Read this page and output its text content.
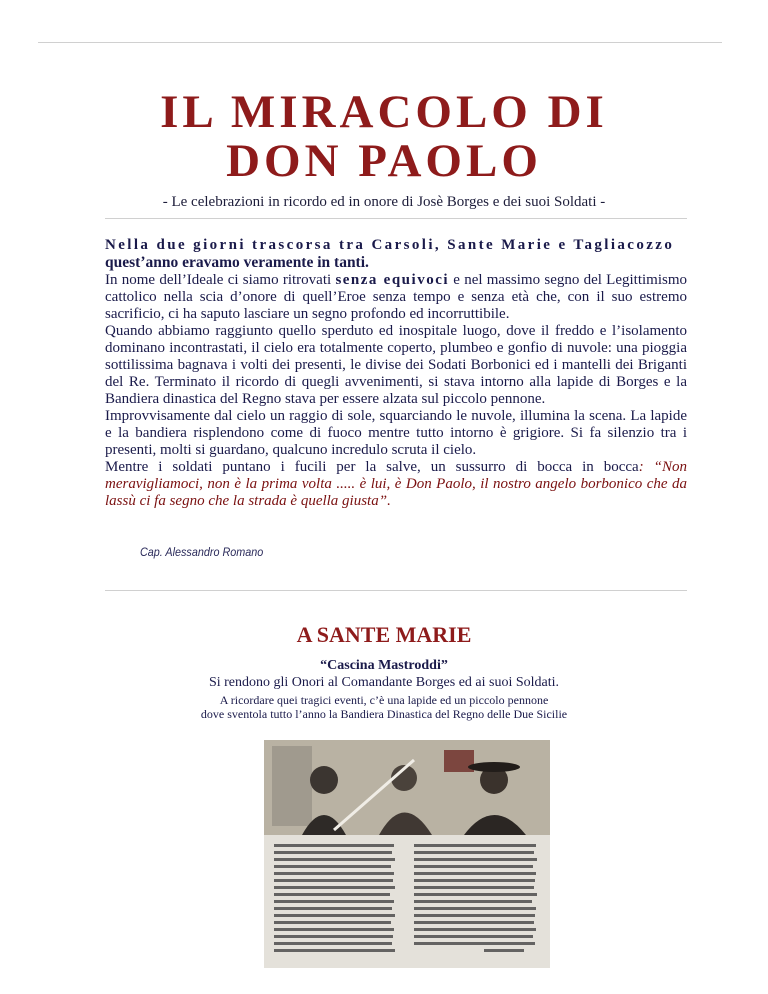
IL MIRACOLO DI
DON PAOLO

- Le celebrazioni in ricordo ed in onore di Josè Borges e dei suoi Soldati -

Nella due giorni trascorsa tra Carsoli, Sante Marie e Tagliacozzo
quest’anno eravamo veramente in tanti.
In nome dell’Ideale ci siamo ritrovati senza equivoci e nel massimo segno del Legittimismo cattolico nella scia d’onore di quell’Eroe senza tempo e senza età che, con il suo estremo sacrificio, ci ha saputo lasciare un segno profondo ed incorruttibile.

Quando abbiamo raggiunto quello sperduto ed inospitale luogo, dove il freddo e l’isolamento dominano incontrastati, il cielo era totalmente coperto, plumbeo e gonfio di nuvole: una pioggia sottilissima bagnava i volti dei presenti, le divise dei Sodati Borbonici ed i mantelli dei Briganti del Re. Terminato il ricordo di quegli avvenimenti, si stava intorno alla lapide di Borges e la Bandiera dinastica del Regno stava per essere alzata sul piccolo pennone.

Improvvisamente dal cielo un raggio di sole, squarciando le nuvole, illumina la scena. La lapide e la bandiera risplendono come di fuoco mentre tutto intorno è grigiore. Si fa silenzio tra i presenti, molti si guardano, qualcuno incredulo scruta il cielo.

Mentre i soldati puntano i fucili per la salve, un sussurro di bocca in bocca: “Non meravigliamoci, non è la prima volta ..... è lui, è Don Paolo, il nostro angelo borbonico che da lassù ci fa segno che la strada è quella giusta”.

Cap. Alessandro Romano
A SANTE MARIE
“Cascina Mastroddi”

Si rendono gli Onori al Comandante Borges ed ai suoi Soldati.

A ricordare quei tragici eventi, c’è una lapide ed un piccolo pennone

dove sventola tutto l’anno la Bandiera Dinastica del Regno delle Due Sicilie
